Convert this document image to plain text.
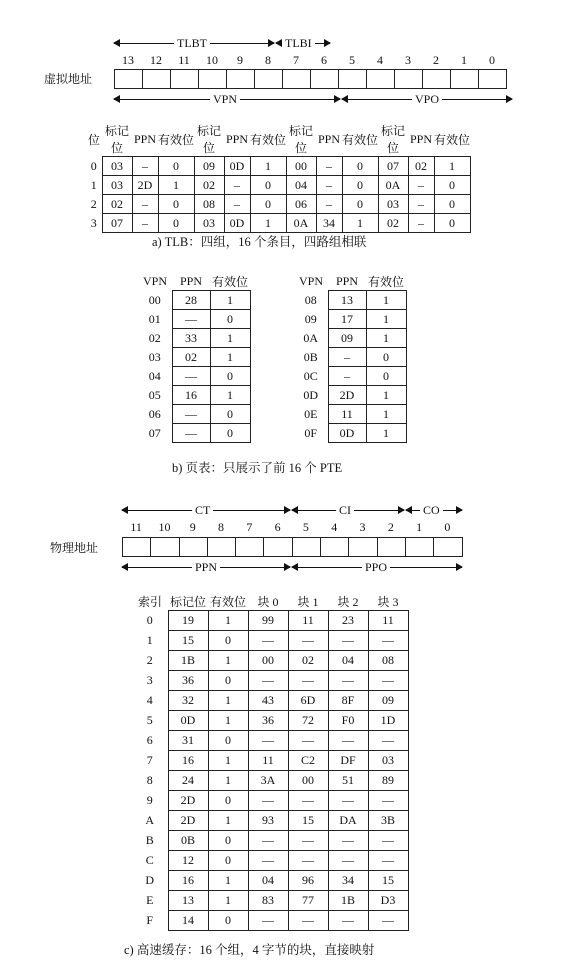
TLBT	TLBI
13	12	11	10	9	8	7	6	5	4	3	2	1	0
虚拟地址
VPN	VPO
位	标记位	PPN	有效位	标记位	PPN	有效位	标记位	PPN	有效位	标记位	PPN	有效位
0	03	–	0	09	0D	1	00	–	0	07	02	1
1	03	2D	1	02	–	0	04	–	0	0A	–	0
2	02	–	0	08	–	0	06	–	0	03	–	0
3	07	–	0	03	0D	1	0A	34	1	02	–	0
a) TLB：四组，16 个条目，四路组相联
VPN	PPN	有效位
00	28	1
01	—	0
02	33	1
03	02	1
04	—	0
05	16	1
06	—	0
07	—	0
VPN	PPN	有效位
08	13	1
09	17	1
0A	09	1
0B	–	0
0C	–	0
0D	2D	1
0E	11	1
0F	0D	1
b) 页表：只展示了前 16 个 PTE
CT	CI	CO
11	10	9	8	7	6	5	4	3	2	1	0
物理地址
PPN	PPO
索引	标记位	有效位	块 0	块 1	块 2	块 3
0	19	1	99	11	23	11
1	15	0	—	—	—	—
2	1B	1	00	02	04	08
3	36	0	—	—	—	—
4	32	1	43	6D	8F	09
5	0D	1	36	72	F0	1D
6	31	0	—	—	—	—
7	16	1	11	C2	DF	03
8	24	1	3A	00	51	89
9	2D	0	—	—	—	—
A	2D	1	93	15	DA	3B
B	0B	0	—	—	—	—
C	12	0	—	—	—	—
D	16	1	04	96	34	15
E	13	1	83	77	1B	D3
F	14	0	—	—	—	—
c) 高速缓存：16 个组，4 字节的块，直接映射
